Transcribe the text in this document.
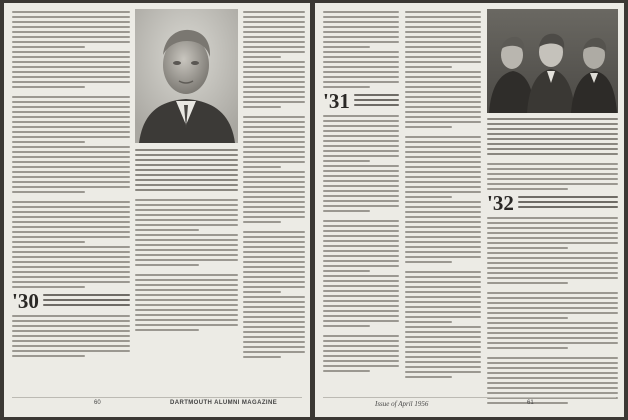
'30
60	DARTMOUTH ALUMNI MAGAZINE
'31
'32
Issue of April 1956	61
